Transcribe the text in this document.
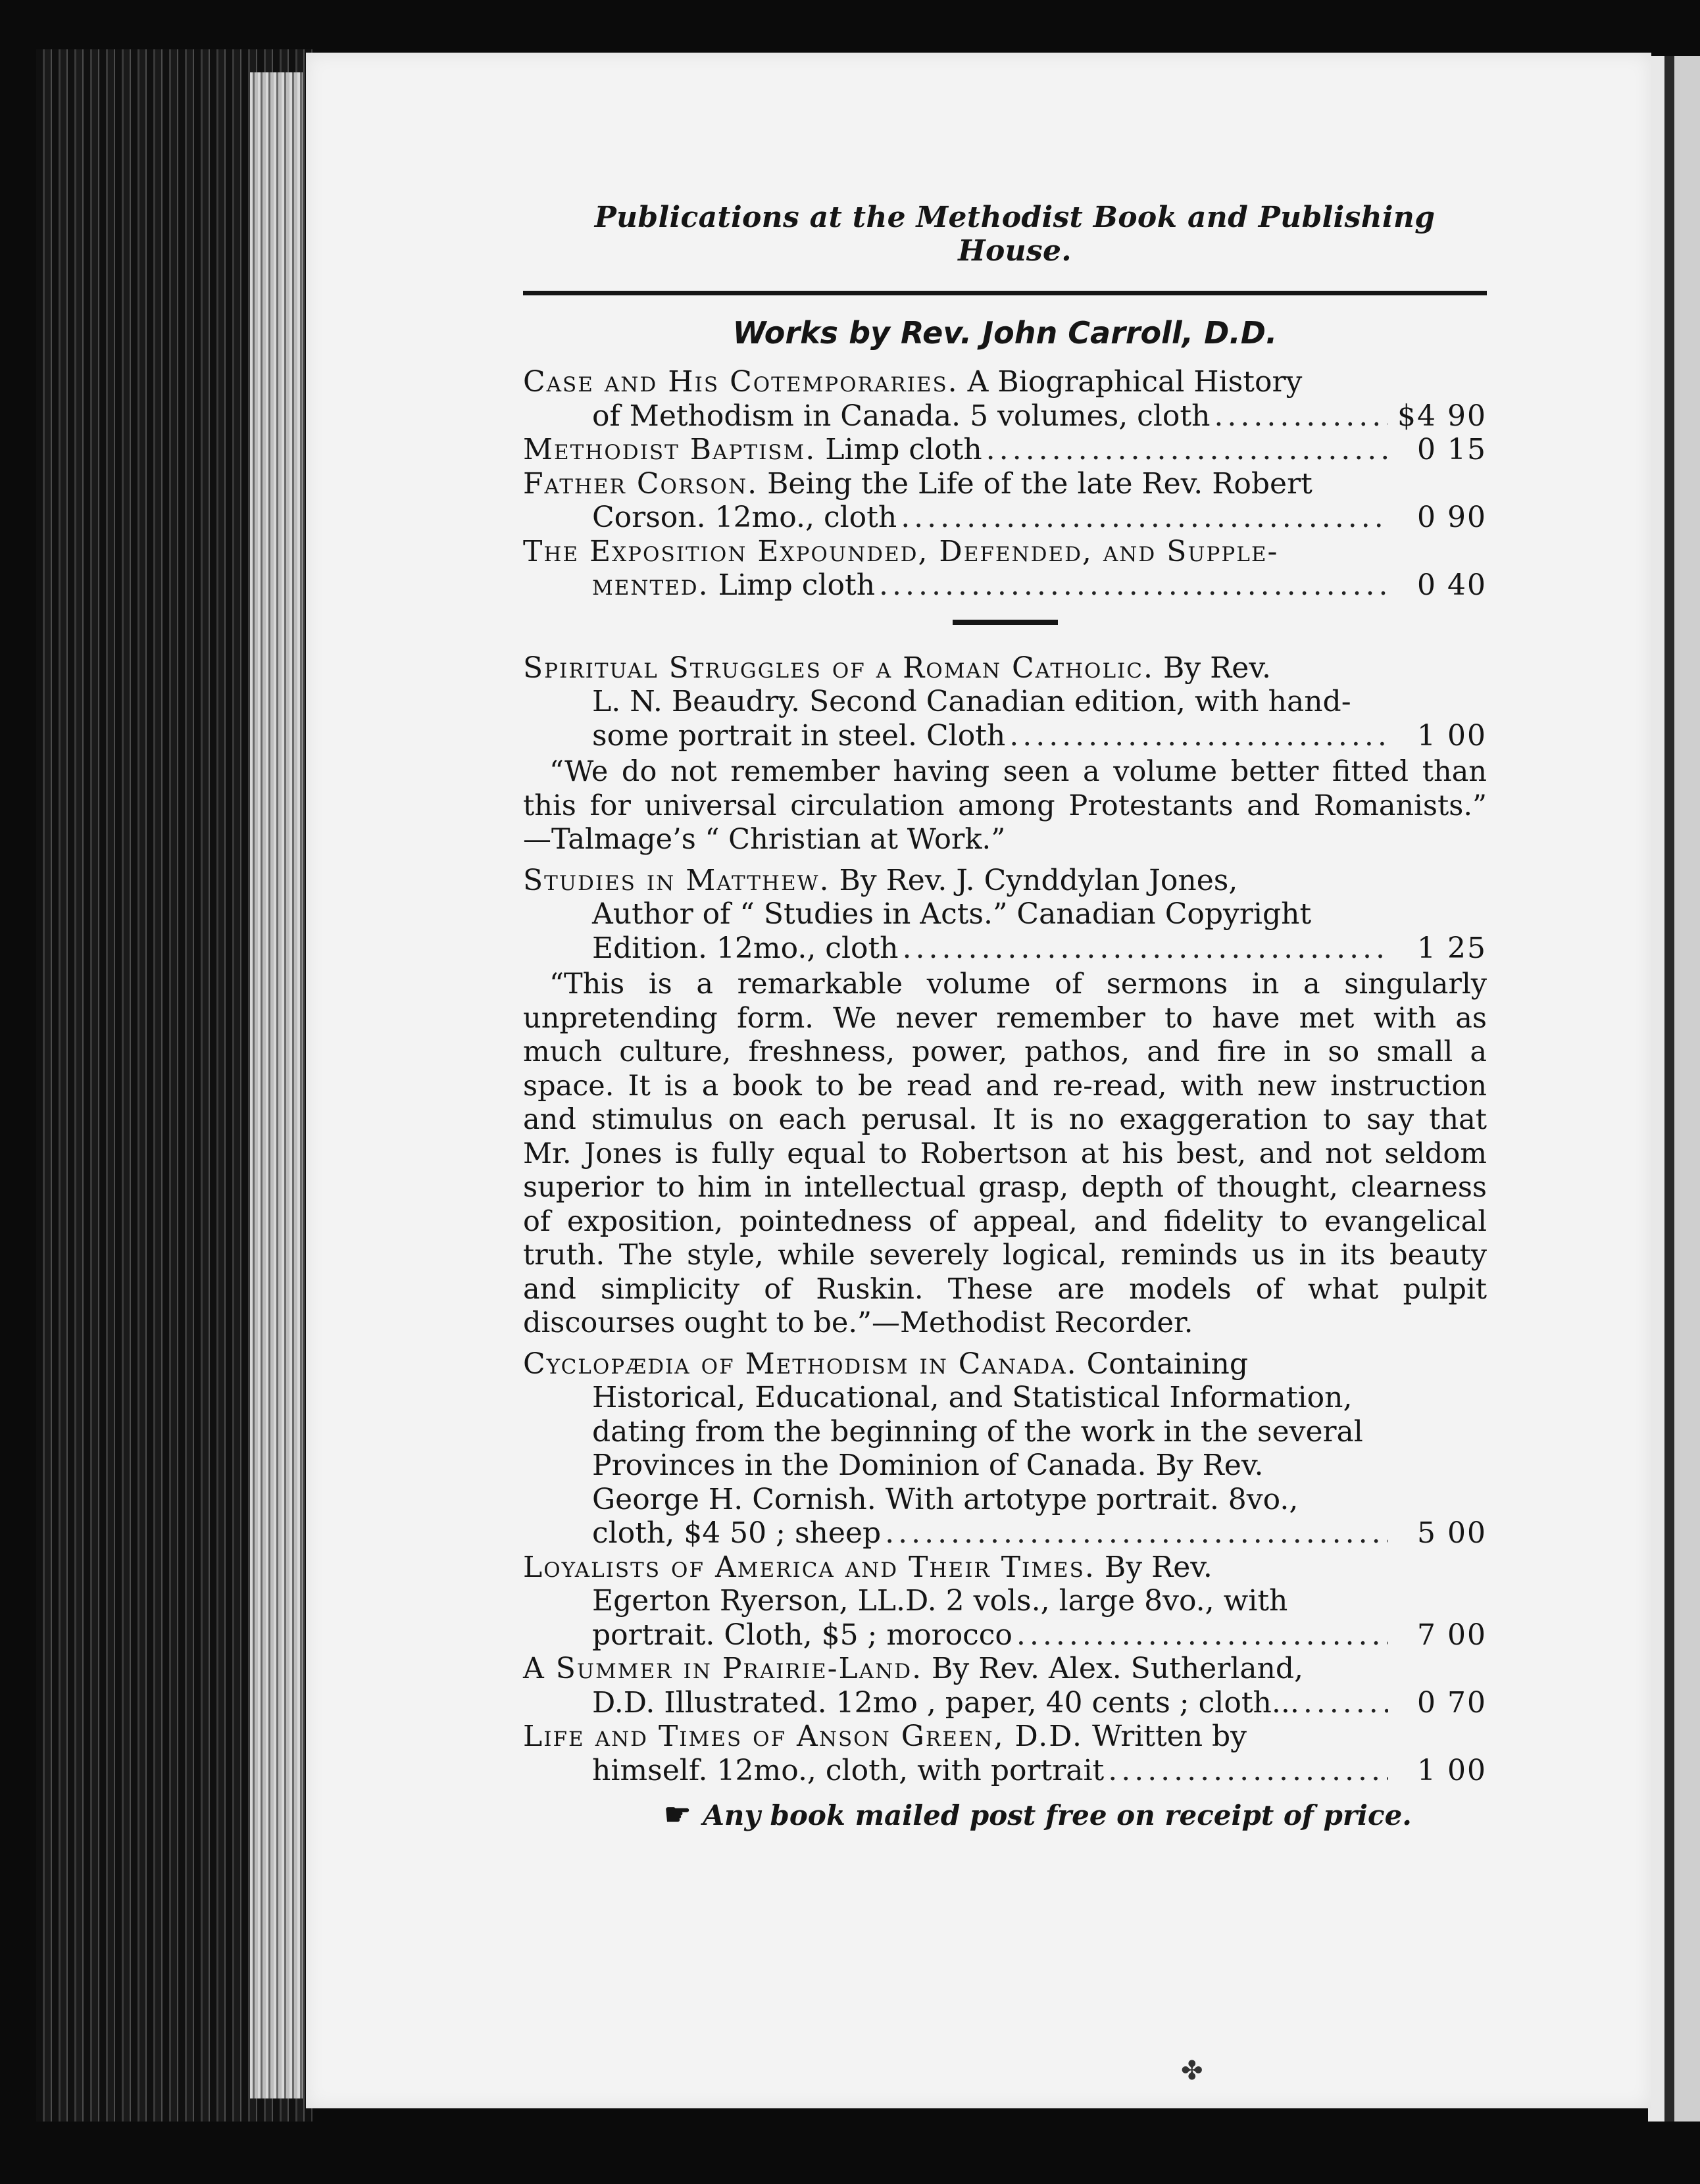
✤
Publications at the Methodist Book and Publishing House.
Works by Rev. John Carroll, D.D.
Case and His Cotemporaries. A Biographical History
of Methodism in Canada. 5 volumes, cloth .....	$4 90
Methodist Baptism. Limp cloth .....	0 15
Father Corson. Being the Life of the late Rev. Robert
Corson. 12mo., cloth .....	0 90
The Exposition Expounded, Defended, and Supple-
mented. Limp cloth .....	0 40
Spiritual Struggles of a Roman Catholic. By Rev.
L. N. Beaudry. Second Canadian edition, with hand-
some portrait in steel. Cloth .....	1 00
“We do not remember having seen a volume better fitted than
this for universal circulation among Protestants and Romanists.”
—Talmage’s “ Christian at Work.”
Studies in Matthew. By Rev. J. Cynddylan Jones,
Author of “ Studies in Acts.” Canadian Copyright
Edition. 12mo., cloth .....	1 25
“This is a remarkable volume of sermons in a singularly
unpretending form. We never remember to have met with as
much culture, freshness, power, pathos, and fire in so small a
space. It is a book to be read and re-read, with new instruction
and stimulus on each perusal. It is no exaggeration to say that
Mr. Jones is fully equal to Robertson at his best, and not seldom
superior to him in intellectual grasp, depth of thought, clearness
of exposition, pointedness of appeal, and fidelity to evangelical
truth. The style, while severely logical, reminds us in its beauty
and simplicity of Ruskin. These are models of what pulpit
discourses ought to be.”—Methodist Recorder.
Cyclopædia of Methodism in Canada. Containing
Historical, Educational, and Statistical Information,
dating from the beginning of the work in the several
Provinces in the Dominion of Canada. By Rev.
George H. Cornish. With artotype portrait. 8vo.,
cloth, $4 50 ; sheep .....	5 00
Loyalists of America and Their Times. By Rev.
Egerton Ryerson, LL.D. 2 vols., large 8vo., with
portrait. Cloth, $5 ; morocco .....	7 00
A Summer in Prairie-Land. By Rev. Alex. Sutherland,
D.D. Illustrated. 12mo , paper, 40 cents ; cloth... .....	0 70
Life and Times of Anson Green, D.D. Written by
himself. 12mo., cloth, with portrait .....	1 00
☛ Any book mailed post free on receipt of price.
